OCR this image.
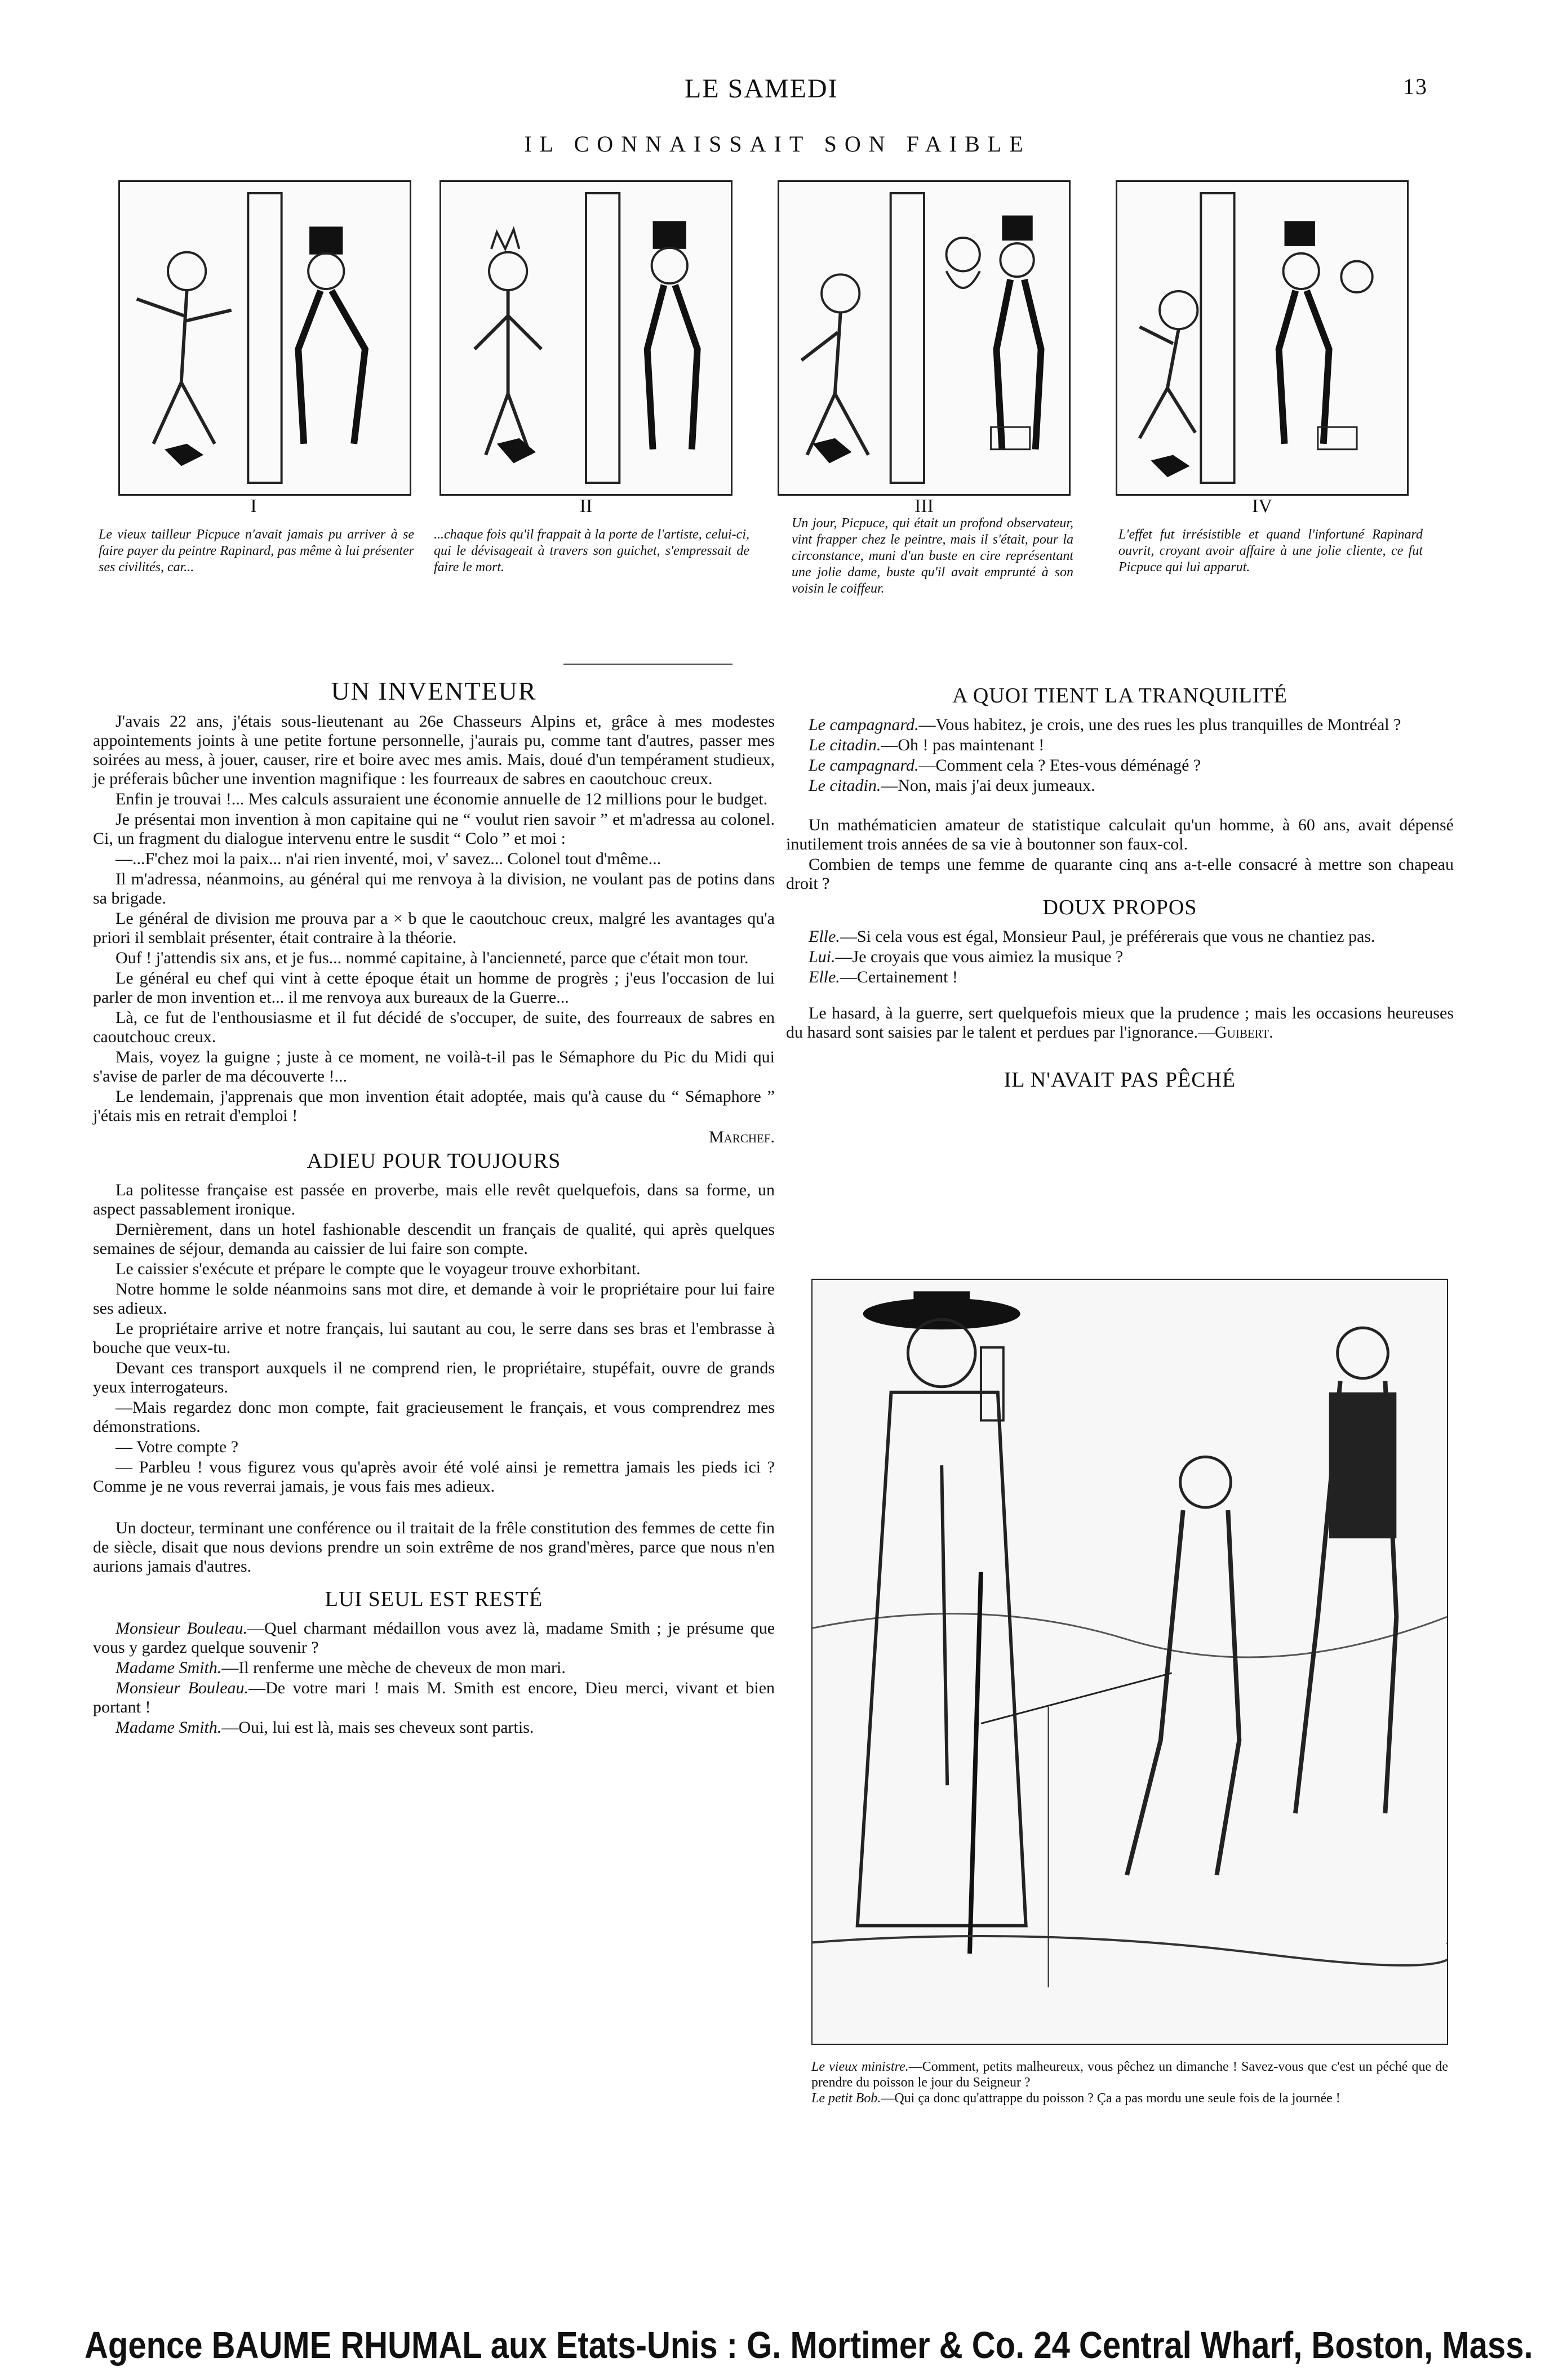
LE SAMEDI	13
IL CONNAISSAIT SON FAIBLE
I	II	III	IV
Le vieux tailleur Picpuce n'avait jamais pu arriver à se faire payer du peintre Rapinard, pas même à lui présenter ses civilités, car...
...chaque fois qu'il frappait à la porte de l'artiste, celui-ci, qui le dévisageait à travers son guichet, s'empressait de faire le mort.
Un jour, Picpuce, qui était un profond observateur, vint frapper chez le peintre, mais il s'était, pour la circonstance, muni d'un buste en cire représentant une jolie dame, buste qu'il avait emprunté à son voisin le coiffeur.
L'effet fut irrésistible et quand l'infortuné Rapinard ouvrit, croyant avoir affaire à une jolie cliente, ce fut Picpuce qui lui apparut.
UN INVENTEUR

J'avais 22 ans, j'étais sous-lieutenant au 26e Chasseurs Alpins et, grâce à mes modestes appointements joints à une petite fortune personnelle, j'aurais pu, comme tant d'autres, passer mes soirées au mess, à jouer, causer, rire et boire avec mes amis. Mais, doué d'un tempérament studieux, je préferais bûcher une invention magnifique : les fourreaux de sabres en caoutchouc creux.

Enfin je trouvai !... Mes calculs assuraient une économie annuelle de 12 millions pour le budget.

Je présentai mon invention à mon capitaine qui ne “ voulut rien savoir ” et m'adressa au colonel. Ci, un fragment du dialogue intervenu entre le susdit “ Colo ” et moi :

—...F'chez moi la paix... n'ai rien inventé, moi, v' savez... Colonel tout d'même...

Il m'adressa, néanmoins, au général qui me renvoya à la division, ne voulant pas de potins dans sa brigade.

Le général de division me prouva par a × b que le caoutchouc creux, malgré les avantages qu'a priori il semblait présenter, était contraire à la théorie.

Ouf ! j'attendis six ans, et je fus... nommé capitaine, à l'ancienneté, parce que c'était mon tour.

Le général eu chef qui vint à cette époque était un homme de progrès ; j'eus l'occasion de lui parler de mon invention et... il me renvoya aux bureaux de la Guerre...

Là, ce fut de l'enthousiasme et il fut décidé de s'occuper, de suite, des fourreaux de sabres en caoutchouc creux.

Mais, voyez la guigne ; juste à ce moment, ne voilà-t-il pas le Sémaphore du Pic du Midi qui s'avise de parler de ma découverte !...

Le lendemain, j'apprenais que mon invention était adoptée, mais qu'à cause du “ Sémaphore ” j'étais mis en retrait d'emploi !

Marchef.
ADIEU POUR TOUJOURS

La politesse française est passée en proverbe, mais elle revêt quelquefois, dans sa forme, un aspect passablement ironique.

Dernièrement, dans un hotel fashionable descendit un français de qualité, qui après quelques semaines de séjour, demanda au caissier de lui faire son compte.

Le caissier s'exécute et prépare le compte que le voyageur trouve exhorbitant.

Notre homme le solde néanmoins sans mot dire, et demande à voir le propriétaire pour lui faire ses adieux.

Le propriétaire arrive et notre français, lui sautant au cou, le serre dans ses bras et l'embrasse à bouche que veux-tu.

Devant ces transport auxquels il ne comprend rien, le propriétaire, stupéfait, ouvre de grands yeux interrogateurs.

—Mais regardez donc mon compte, fait gracieusement le français, et vous comprendrez mes démonstrations.

— Votre compte ?

— Parbleu ! vous figurez vous qu'après avoir été volé ainsi je remettra jamais les pieds ici ? Comme je ne vous reverrai jamais, je vous fais mes adieux.

Un docteur, terminant une conférence ou il traitait de la frêle constitution des femmes de cette fin de siècle, disait que nous devions prendre un soin extrême de nos grand'mères, parce que nous n'en aurions jamais d'autres.

LUI SEUL EST RESTÉ

Monsieur Bouleau.—Quel charmant médaillon vous avez là, madame Smith ; je présume que vous y gardez quelque souvenir ?

Madame Smith.—Il renferme une mèche de cheveux de mon mari.

Monsieur Bouleau.—De votre mari ! mais M. Smith est encore, Dieu merci, vivant et bien portant !

Madame Smith.—Oui, lui est là, mais ses cheveux sont partis.

A QUOI TIENT LA TRANQUILITÉ

Le campagnard.—Vous habitez, je crois, une des rues les plus tranquilles de Montréal ?

Le citadin.—Oh ! pas maintenant !

Le campagnard.—Comment cela ? Etes-vous déménagé ?

Le citadin.—Non, mais j'ai deux jumeaux.

Un mathématicien amateur de statistique calculait qu'un homme, à 60 ans, avait dépensé inutilement trois années de sa vie à boutonner son faux-col.

Combien de temps une femme de quarante cinq ans a-t-elle consacré à mettre son chapeau droit ?

DOUX PROPOS

Elle.—Si cela vous est égal, Monsieur Paul, je préférerais que vous ne chantiez pas.

Lui.—Je croyais que vous aimiez la musique ?

Elle.—Certainement !

Le hasard, à la guerre, sert quelquefois mieux que la prudence ; mais les occasions heureuses du hasard sont saisies par le talent et perdues par l'ignorance.—Guibert.

IL N'AVAIT PAS PÊCHÉ
Le vieux ministre.—Comment, petits malheureux, vous pêchez un dimanche ! Savez-vous que c'est un péché que de prendre du poisson le jour du Seigneur ?
Le petit Bob.—Qui ça donc qu'attrappe du poisson ? Ça a pas mordu une seule fois de la journée !
Agence BAUME RHUMAL aux Etats-Unis : G. Mortimer & Co. 24 Central Wharf, Boston, Mass.
